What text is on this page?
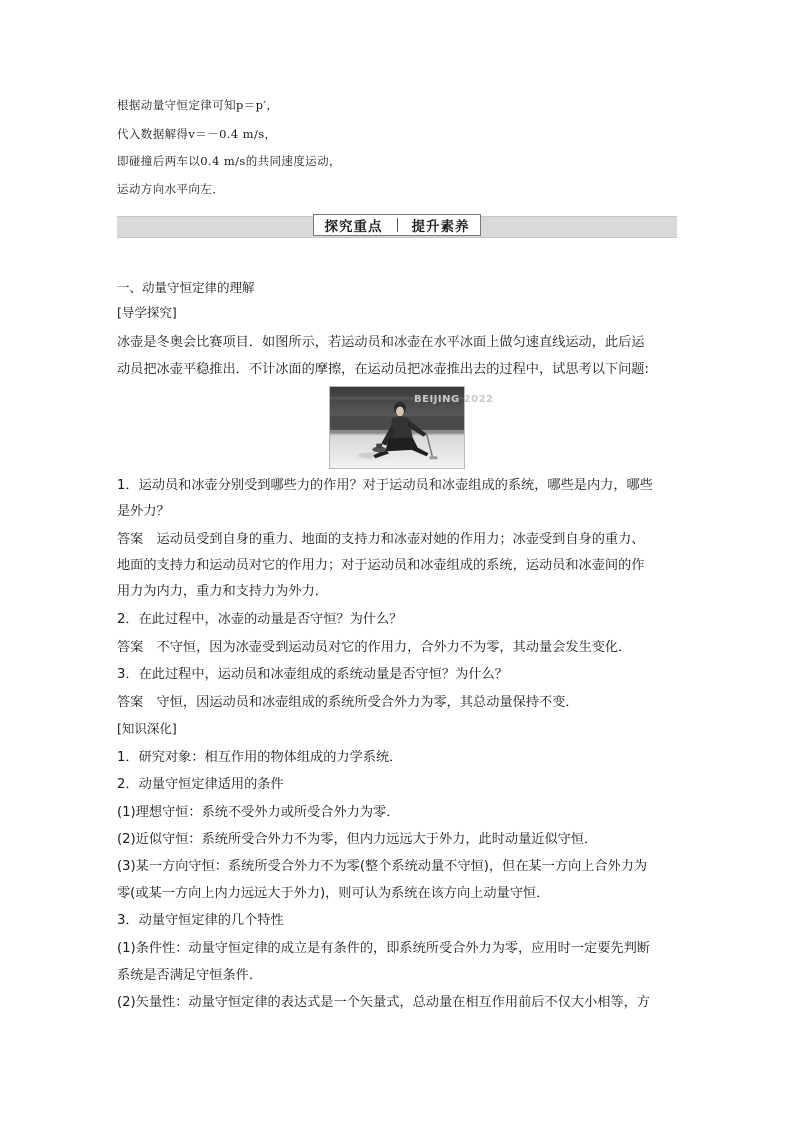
根据动量守恒定律可知p＝p′，
代入数据解得v＝－0.4 m/s，
即碰撞后两车以0.4 m/s的共同速度运动，
运动方向水平向左．
探究重点 提升素养
一、动量守恒定律的理解
[导学探究]
冰壶是冬奥会比赛项目．如图所示，若运动员和冰壶在水平冰面上做匀速直线运动，此后运
动员把冰壶平稳推出．不计冰面的摩擦，在运动员把冰壶推出去的过程中，试思考以下问题:
BEIJING 2022
1．运动员和冰壶分别受到哪些力的作用？对于运动员和冰壶组成的系统，哪些是内力，哪些
是外力？
答案　运动员受到自身的重力、地面的支持力和冰壶对她的作用力；冰壶受到自身的重力、
地面的支持力和运动员对它的作用力；对于运动员和冰壶组成的系统，运动员和冰壶间的作
用力为内力，重力和支持力为外力．
2．在此过程中，冰壶的动量是否守恒？为什么？
答案　不守恒，因为冰壶受到运动员对它的作用力，合外力不为零，其动量会发生变化．
3．在此过程中，运动员和冰壶组成的系统动量是否守恒？为什么？
答案　守恒，因运动员和冰壶组成的系统所受合外力为零，其总动量保持不变．
[知识深化]
1．研究对象：相互作用的物体组成的力学系统．
2．动量守恒定律适用的条件
(1)理想守恒：系统不受外力或所受合外力为零．
(2)近似守恒：系统所受合外力不为零，但内力远远大于外力，此时动量近似守恒．
(3)某一方向守恒：系统所受合外力不为零(整个系统动量不守恒)，但在某一方向上合外力为
零(或某一方向上内力远远大于外力)，则可认为系统在该方向上动量守恒．
3．动量守恒定律的几个特性
(1)条件性：动量守恒定律的成立是有条件的，即系统所受合外力为零，应用时一定要先判断
系统是否满足守恒条件．
(2)矢量性：动量守恒定律的表达式是一个矢量式，总动量在相互作用前后不仅大小相等，方
